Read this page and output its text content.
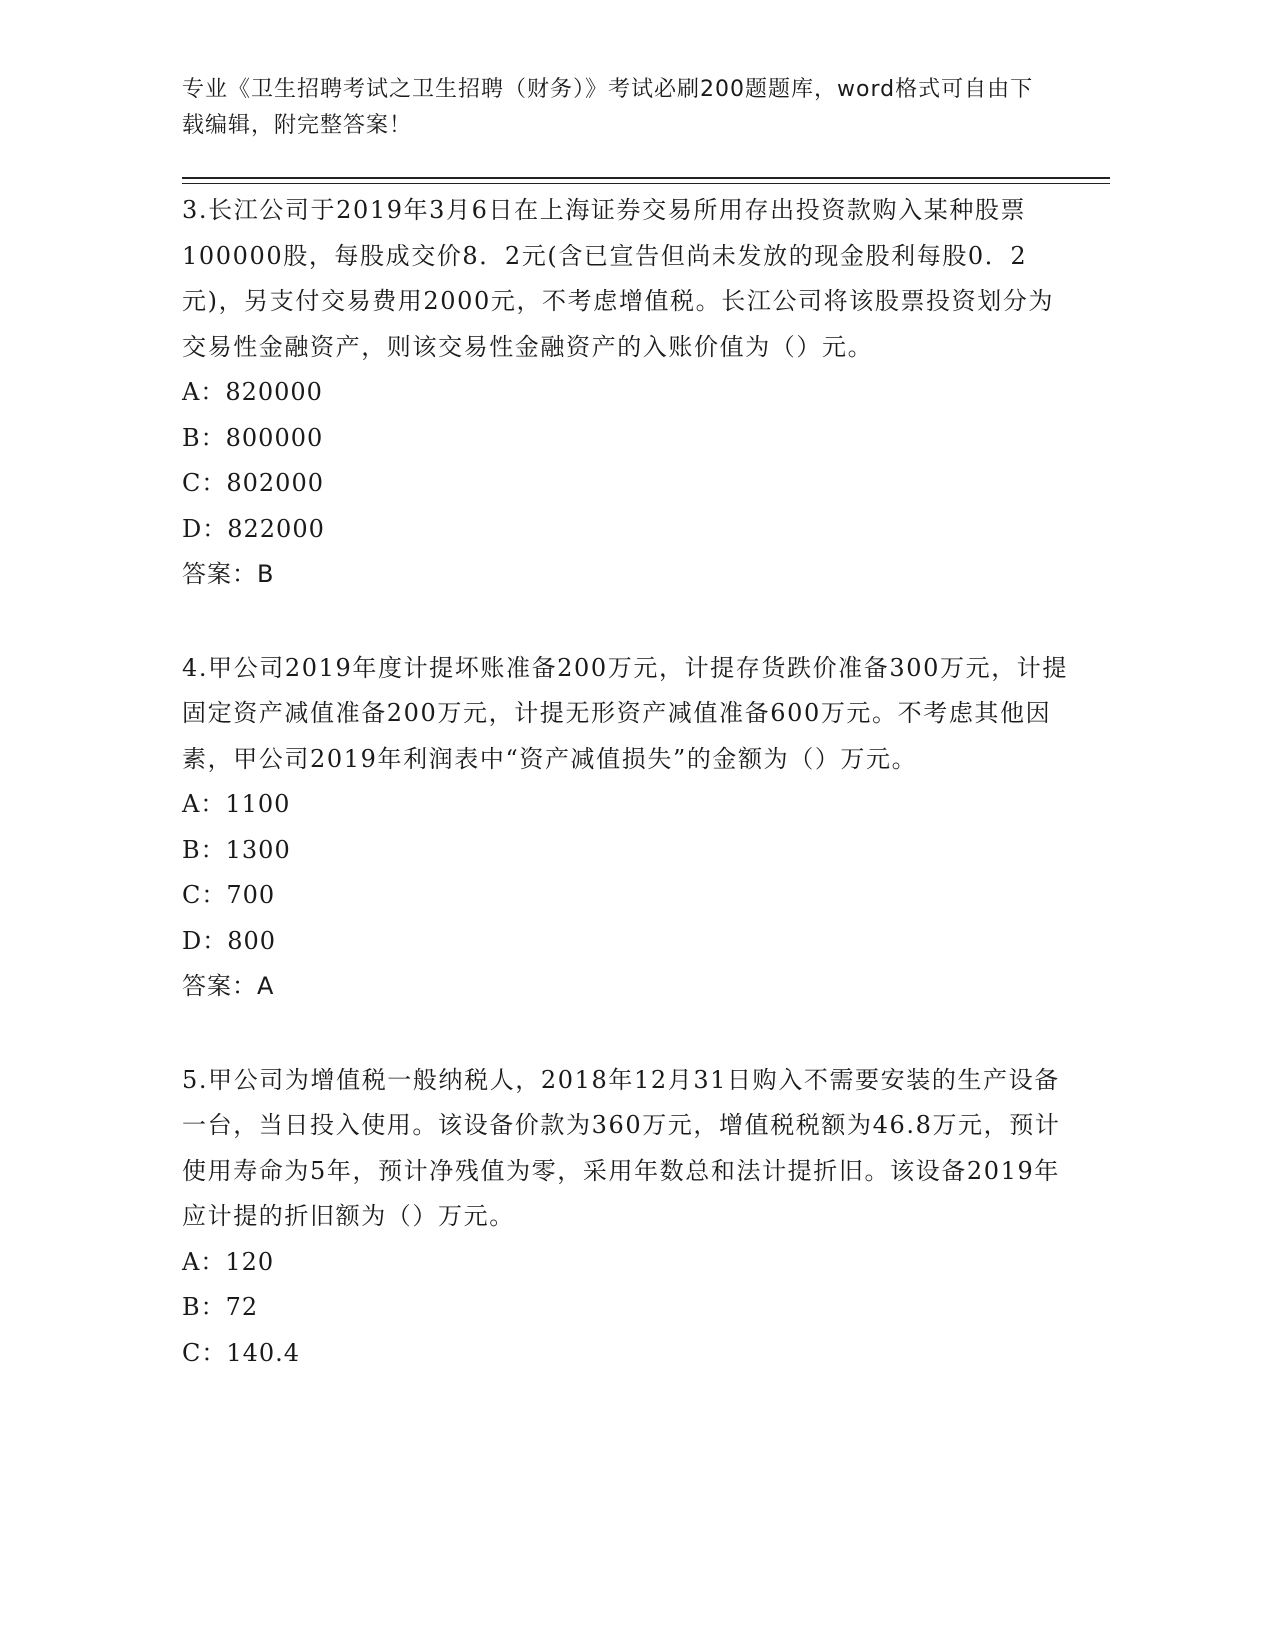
专业《卫生招聘考试之卫生招聘（财务）》考试必刷200题题库，word格式可自由下载编辑，附完整答案！

3.长江公司于2019年3月6日在上海证券交易所用存出投资款购入某种股票100000股，每股成交价8．2元(含已宣告但尚未发放的现金股利每股0．2元)，另支付交易费用2000元，不考虑增值税。长江公司将该股票投资划分为交易性金融资产，则该交易性金融资产的入账价值为（）元。

A：820000
B：800000
C：802000
D：822000
答案：B

4.甲公司2019年度计提坏账准备200万元，计提存货跌价准备300万元，计提固定资产减值准备200万元，计提无形资产减值准备600万元。不考虑其他因素，甲公司2019年利润表中“资产减值损失”的金额为（）万元。

A：1100
B：1300
C：700
D：800
答案：A

5.甲公司为增值税一般纳税人，2018年12月31日购入不需要安装的生产设备一台，当日投入使用。该设备价款为360万元，增值税税额为46.8万元，预计使用寿命为5年，预计净残值为零，采用年数总和法计提折旧。该设备2019年应计提的折旧额为（）万元。

A：120
B：72
C：140.4
